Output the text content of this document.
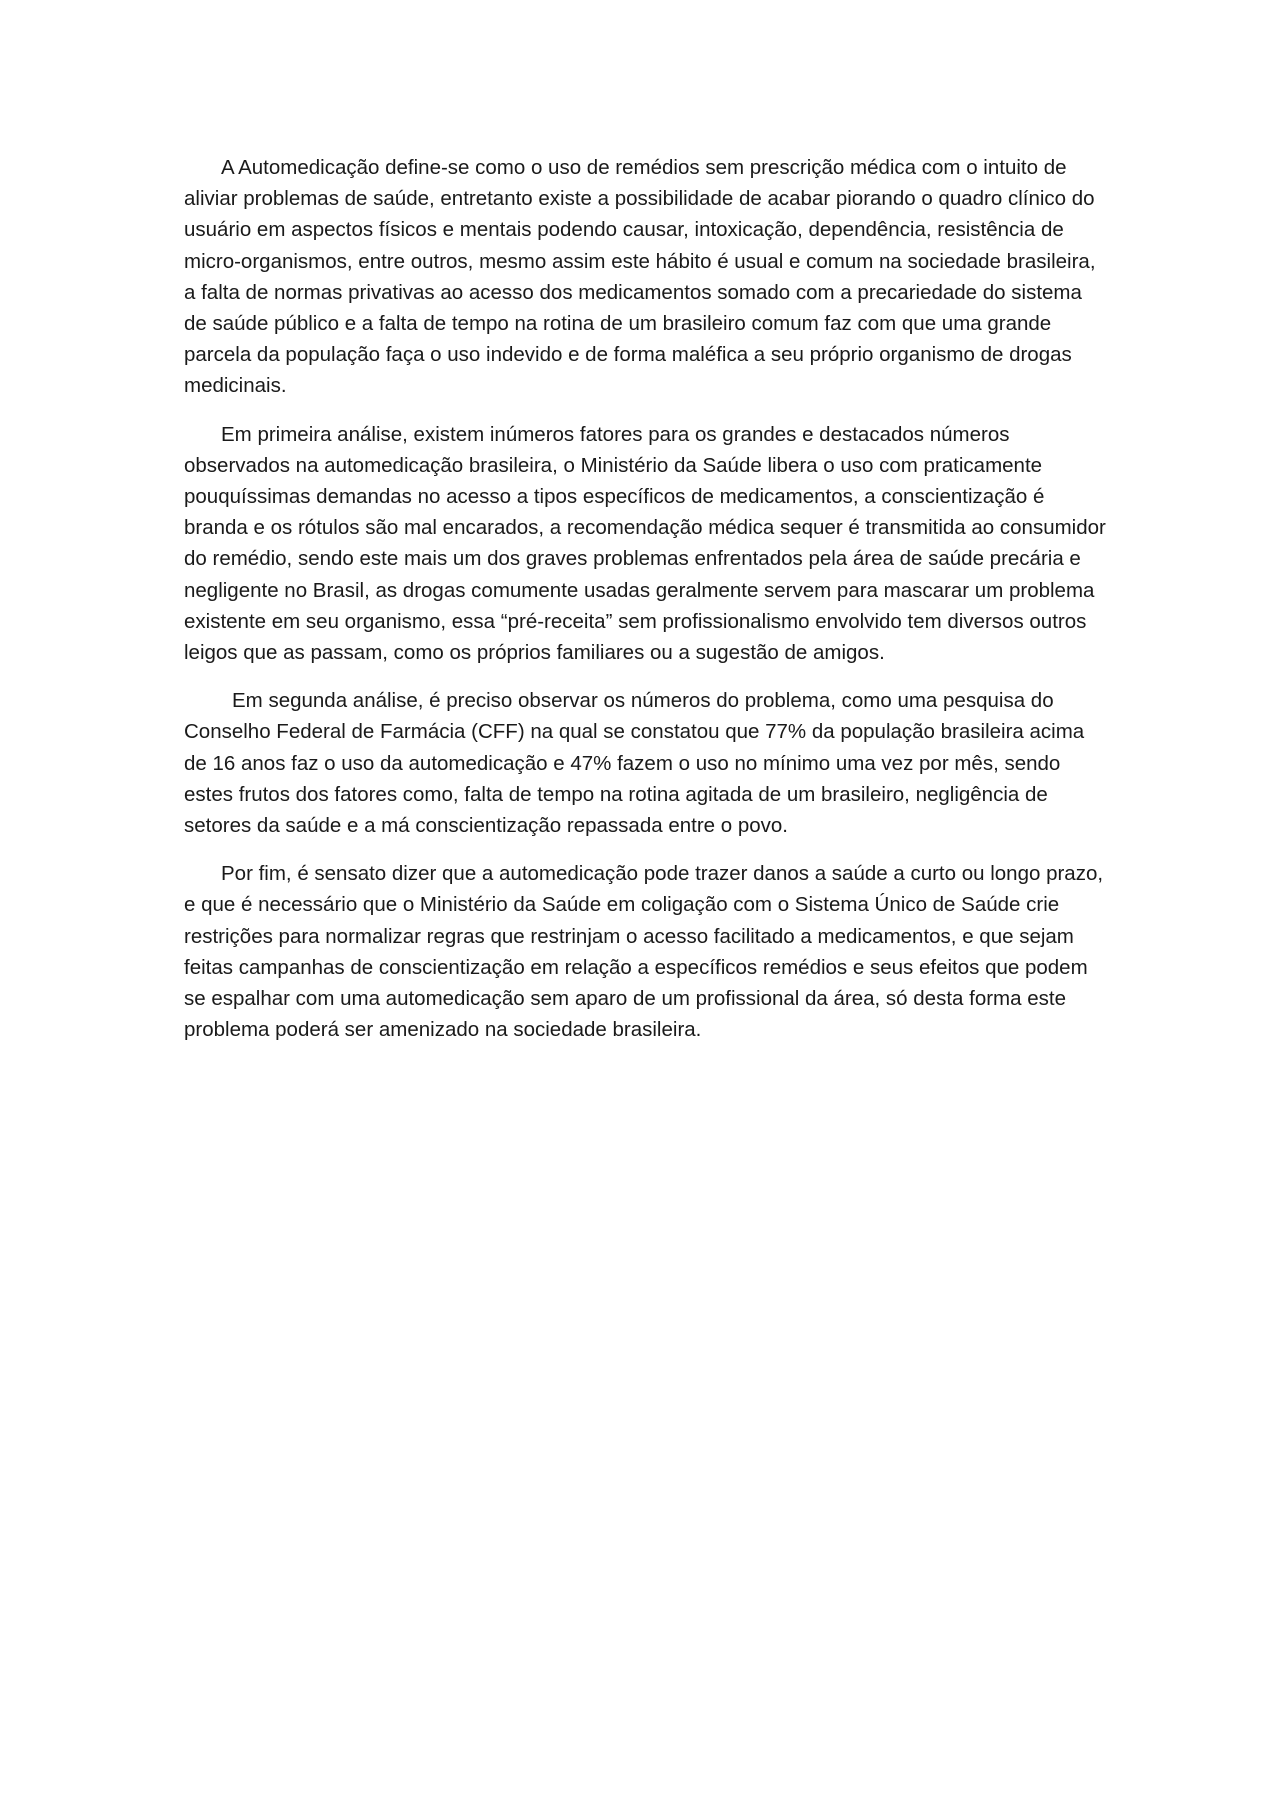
A Automedicação define-se como o uso de remédios sem prescrição médica com o intuito de aliviar problemas de saúde, entretanto existe a possibilidade de acabar piorando o quadro clínico do usuário em aspectos físicos e mentais podendo causar, intoxicação, dependência, resistência de micro-organismos, entre outros, mesmo assim este hábito é usual e comum na sociedade brasileira, a falta de normas privativas ao acesso dos medicamentos somado com a precariedade do sistema de saúde público e a falta de tempo na rotina de um brasileiro comum faz com que uma grande parcela da população faça o uso indevido e de forma maléfica a seu próprio organismo de drogas medicinais.

Em primeira análise, existem inúmeros fatores para os grandes e destacados números observados na automedicação brasileira, o Ministério da Saúde libera o uso com praticamente pouquíssimas demandas no acesso a tipos específicos de medicamentos, a conscientização é branda e os rótulos são mal encarados, a recomendação médica sequer é transmitida ao consumidor do remédio, sendo este mais um dos graves problemas enfrentados pela área de saúde precária e negligente no Brasil, as drogas comumente usadas geralmente servem para mascarar um problema existente em seu organismo, essa “pré-receita” sem profissionalismo envolvido tem diversos outros leigos que as passam, como os próprios familiares ou a sugestão de amigos.

Em segunda análise, é preciso observar os números do problema, como uma pesquisa do Conselho Federal de Farmácia (CFF) na qual se constatou que 77% da população brasileira acima de 16 anos faz o uso da automedicação e 47% fazem o uso no mínimo uma vez por mês, sendo estes frutos dos fatores como, falta de tempo na rotina agitada de um brasileiro, negligência de setores da saúde e a má conscientização repassada entre o povo.

Por fim, é sensato dizer que a automedicação pode trazer danos a saúde a curto ou longo prazo, e que é necessário que o Ministério da Saúde em coligação com o Sistema Único de Saúde crie restrições para normalizar regras que restrinjam o acesso facilitado a medicamentos, e que sejam feitas campanhas de conscientização em relação a específicos remédios e seus efeitos que podem se espalhar com uma automedicação sem aparo de um profissional da área, só desta forma este problema poderá ser amenizado na sociedade brasileira.
